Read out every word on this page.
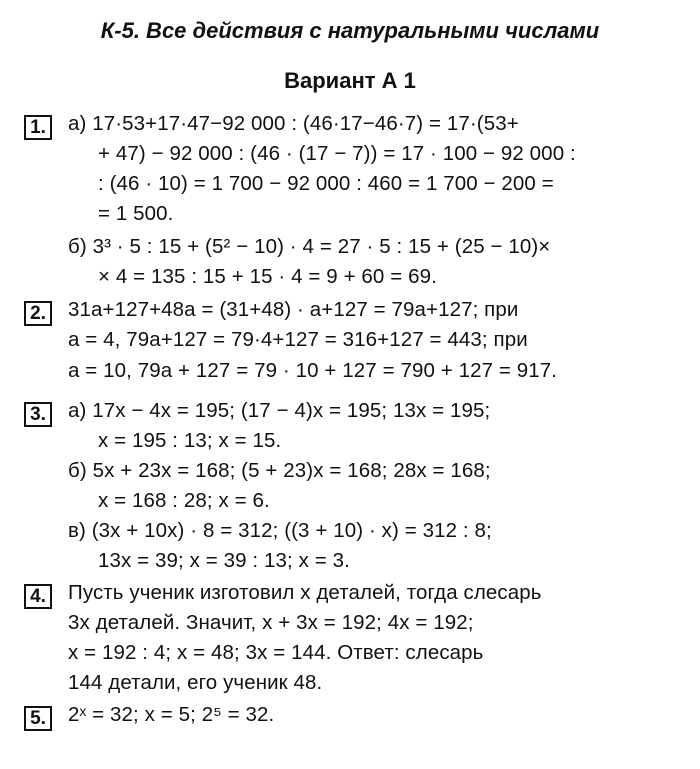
К-5. Все действия с натуральными числами
Вариант А 1
1. а) 17·53+17·47−92 000 : (46·17−46·7) = 17·(53+
+ 47) − 92 000 : (46 · (17 − 7)) = 17 · 100 − 92 000 :
: (46 · 10) = 1 700 − 92 000 : 460 = 1 700 − 200 =
= 1 500.
б) 3³ · 5 : 15 + (5² − 10) · 4 = 27 · 5 : 15 + (25 − 10)×
× 4 = 135 : 15 + 15 · 4 = 9 + 60 = 69.
2. 31a+127+48a = (31+48) · a+127 = 79a+127; при
a = 4, 79a+127 = 79·4+127 = 316+127 = 443; при
a = 10, 79a + 127 = 79 · 10 + 127 = 790 + 127 = 917.
3. а) 17x − 4x = 195; (17 − 4)x = 195; 13x = 195;
x = 195 : 13; x = 15.
б) 5x + 23x = 168; (5 + 23)x = 168; 28x = 168;
x = 168 : 28; x = 6.
в) (3x + 10x) · 8 = 312; ((3 + 10) · x) = 312 : 8;
13x = 39; x = 39 : 13; x = 3.
4. Пусть ученик изготовил x деталей, тогда слесарь
3x деталей. Значит, x + 3x = 192; 4x = 192;
x = 192 : 4; x = 48; 3x = 144. Ответ: слесарь
144 детали, его ученик 48.
5. 2ˣ = 32; x = 5; 2⁵ = 32.
